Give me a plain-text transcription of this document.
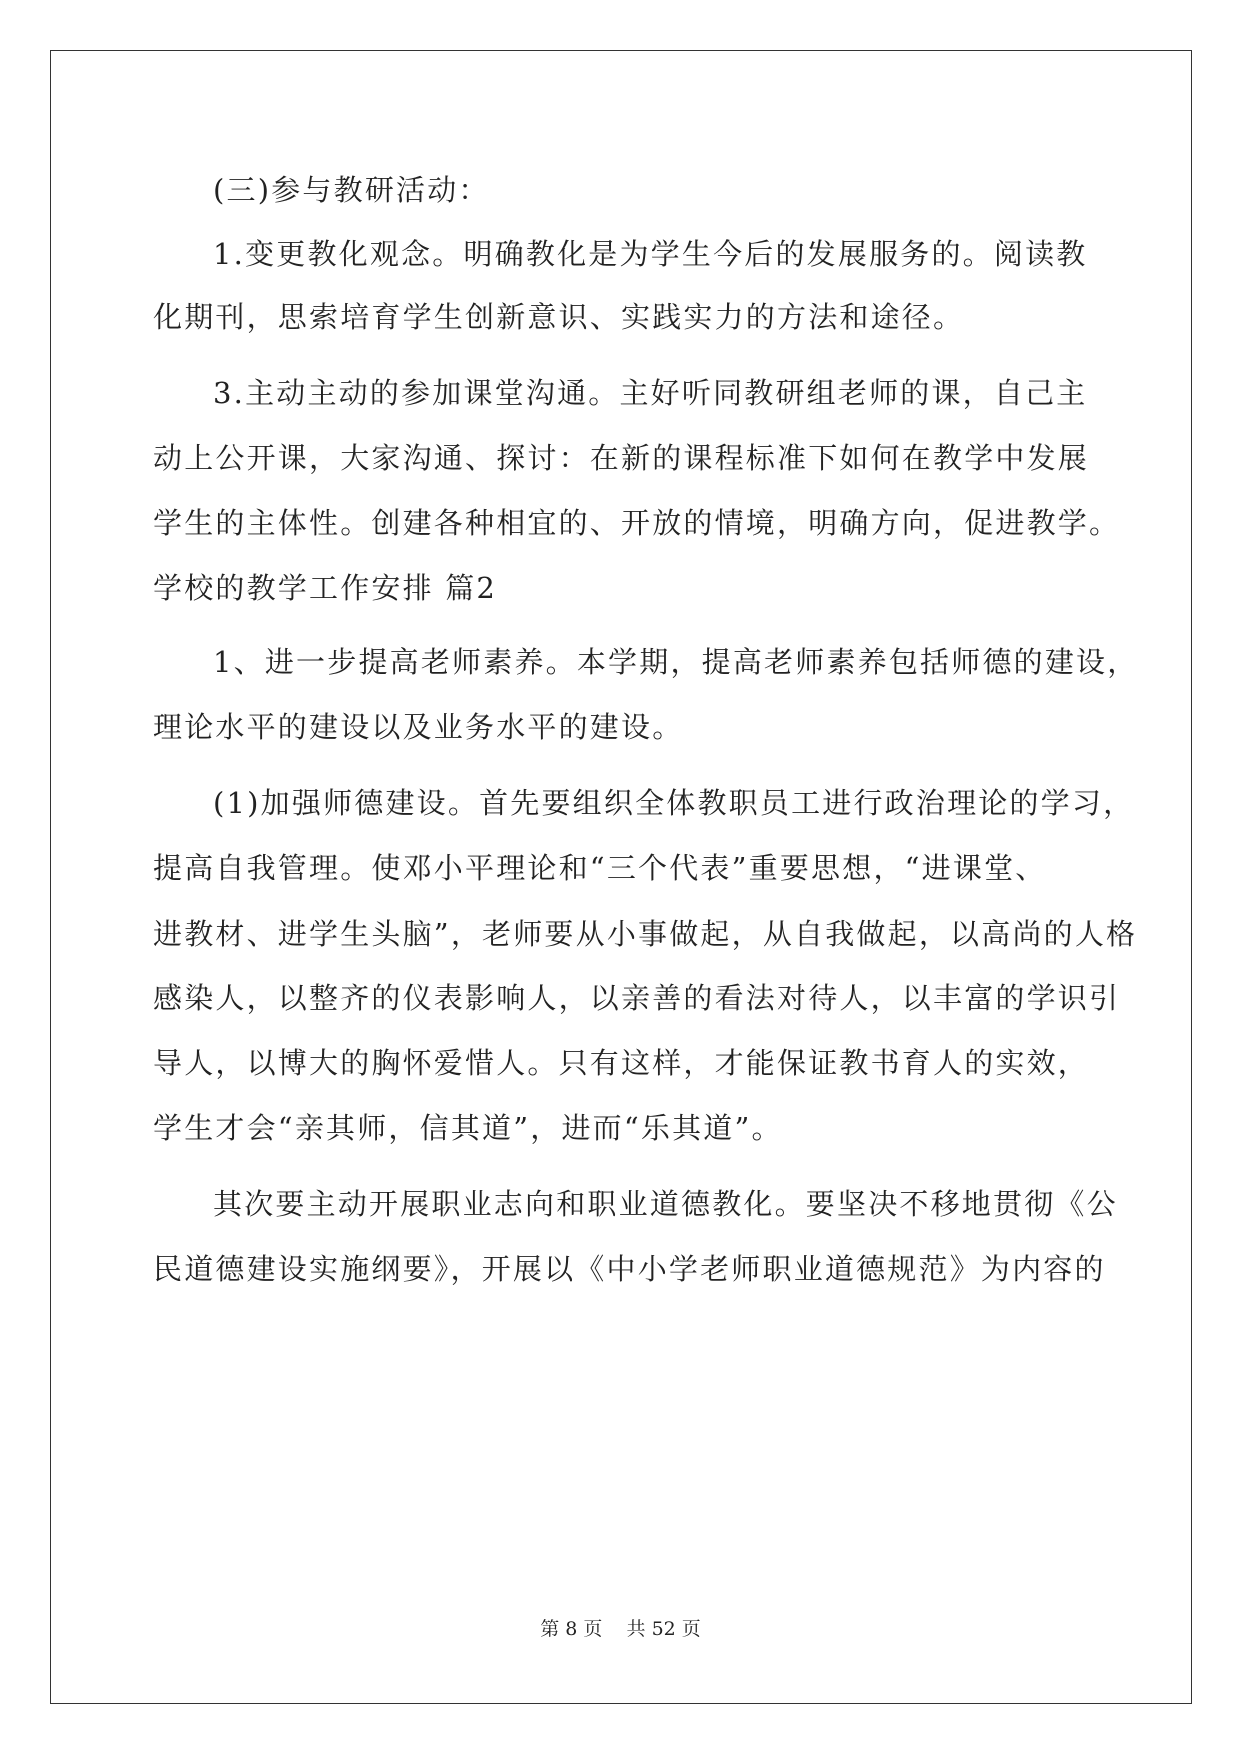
(三)参与教研活动：
1.变更教化观念。明确教化是为学生今后的发展服务的。阅读教
化期刊，思索培育学生创新意识、实践实力的方法和途径。
3.主动主动的参加课堂沟通。主好听同教研组老师的课，自己主
动上公开课，大家沟通、探讨：在新的课程标准下如何在教学中发展
学生的主体性。创建各种相宜的、开放的情境，明确方向，促进教学。
学校的教学工作安排 篇2
1、进一步提高老师素养。本学期，提高老师素养包括师德的建设，
理论水平的建设以及业务水平的建设。
(1)加强师德建设。首先要组织全体教职员工进行政治理论的学习，
提高自我管理。使邓小平理论和“三个代表”重要思想，“进课堂、
进教材、进学生头脑”，老师要从小事做起，从自我做起，以高尚的人格
感染人，以整齐的仪表影响人，以亲善的看法对待人，以丰富的学识引
导人，以博大的胸怀爱惜人。只有这样，才能保证教书育人的实效，
学生才会“亲其师，信其道”，进而“乐其道”。
其次要主动开展职业志向和职业道德教化。要坚决不移地贯彻《公
民道德建设实施纲要》，开展以《中小学老师职业道德规范》为内容的
第 8 页    共 52 页
